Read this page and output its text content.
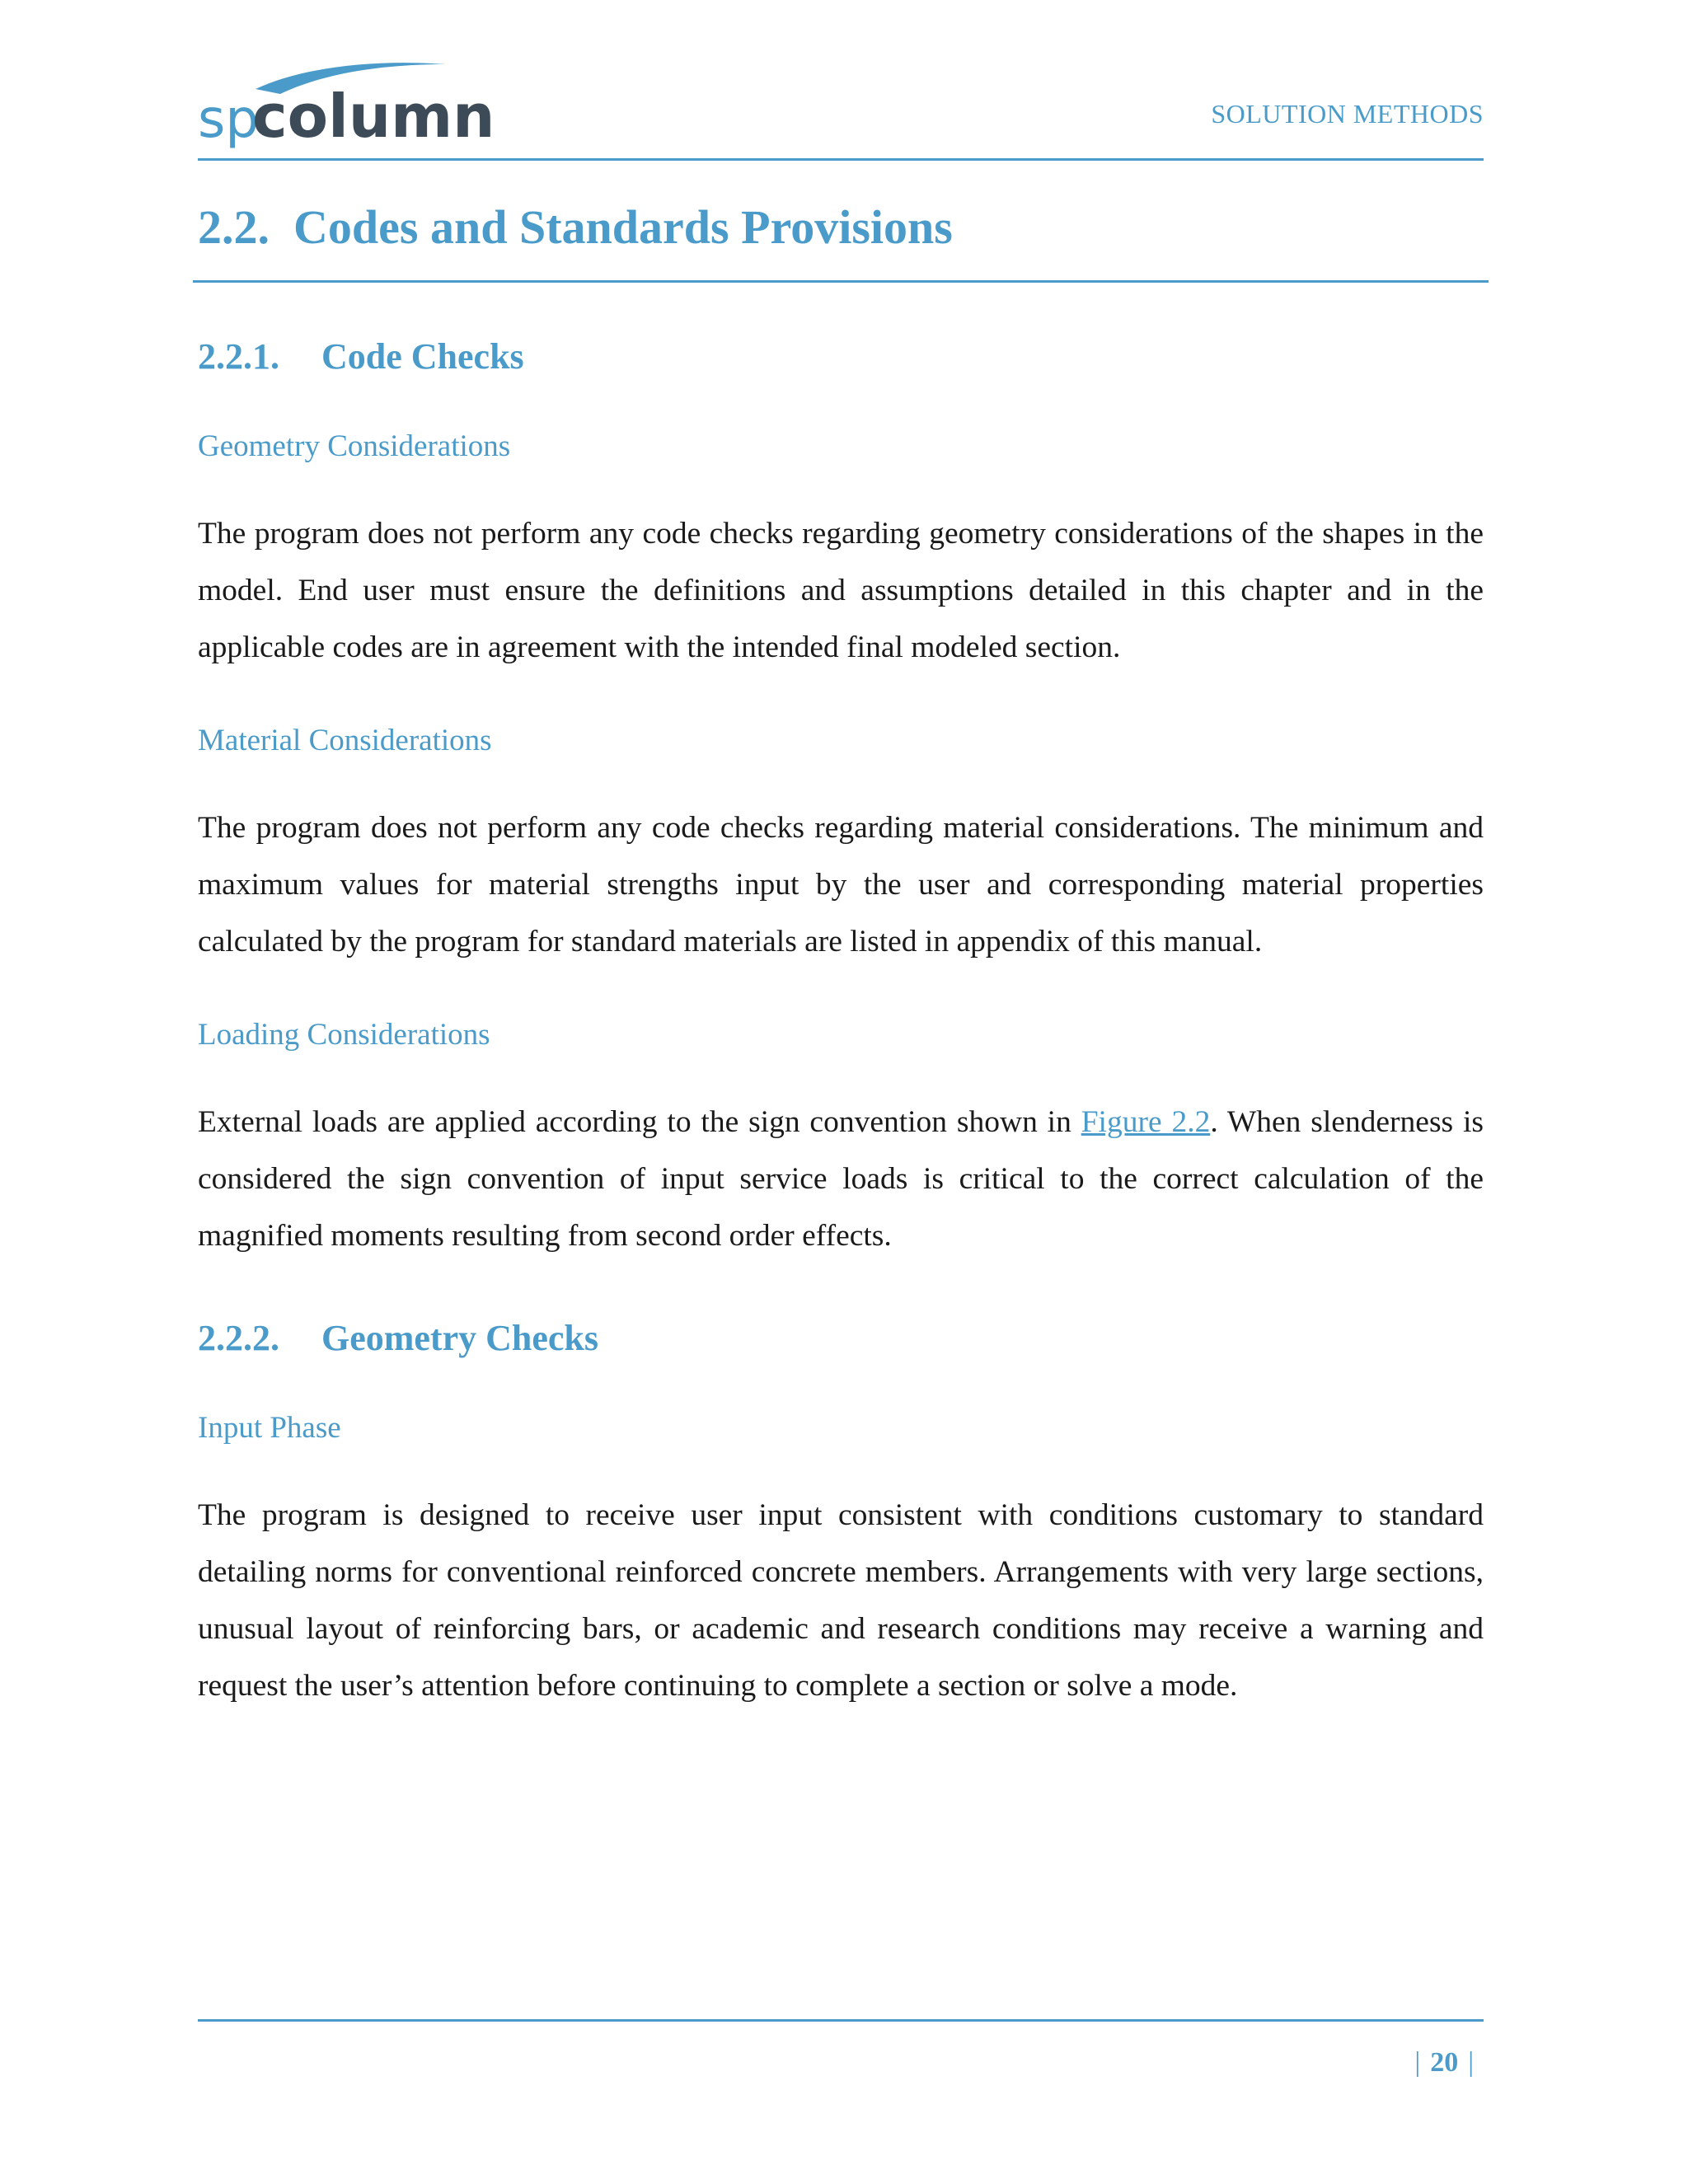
sp
column	SOLUTION METHODS
2.2. Codes and Standards Provisions
2.2.1. Code Checks
Geometry Considerations

The program does not perform any code checks regarding geometry considerations of the shapes in the model. End user must ensure the definitions and assumptions detailed in this chapter and in the applicable codes are in agreement with the intended final modeled section.

Material Considerations

The program does not perform any code checks regarding material considerations. The minimum and maximum values for material strengths input by the user and corresponding material properties calculated by the program for standard materials are listed in appendix of this manual.

Loading Considerations

External loads are applied according to the sign convention shown in Figure 2.2. When slenderness is considered the sign convention of input service loads is critical to the correct calculation of the magnified moments resulting from second order effects.

2.2.2. Geometry Checks
Input Phase

The program is designed to receive user input consistent with conditions customary to standard detailing norms for conventional reinforced concrete members. Arrangements with very large sections, unusual layout of reinforcing bars, or academic and research conditions may receive a warning and request the user’s attention before continuing to complete a section or solve a mode.

| 20 |
